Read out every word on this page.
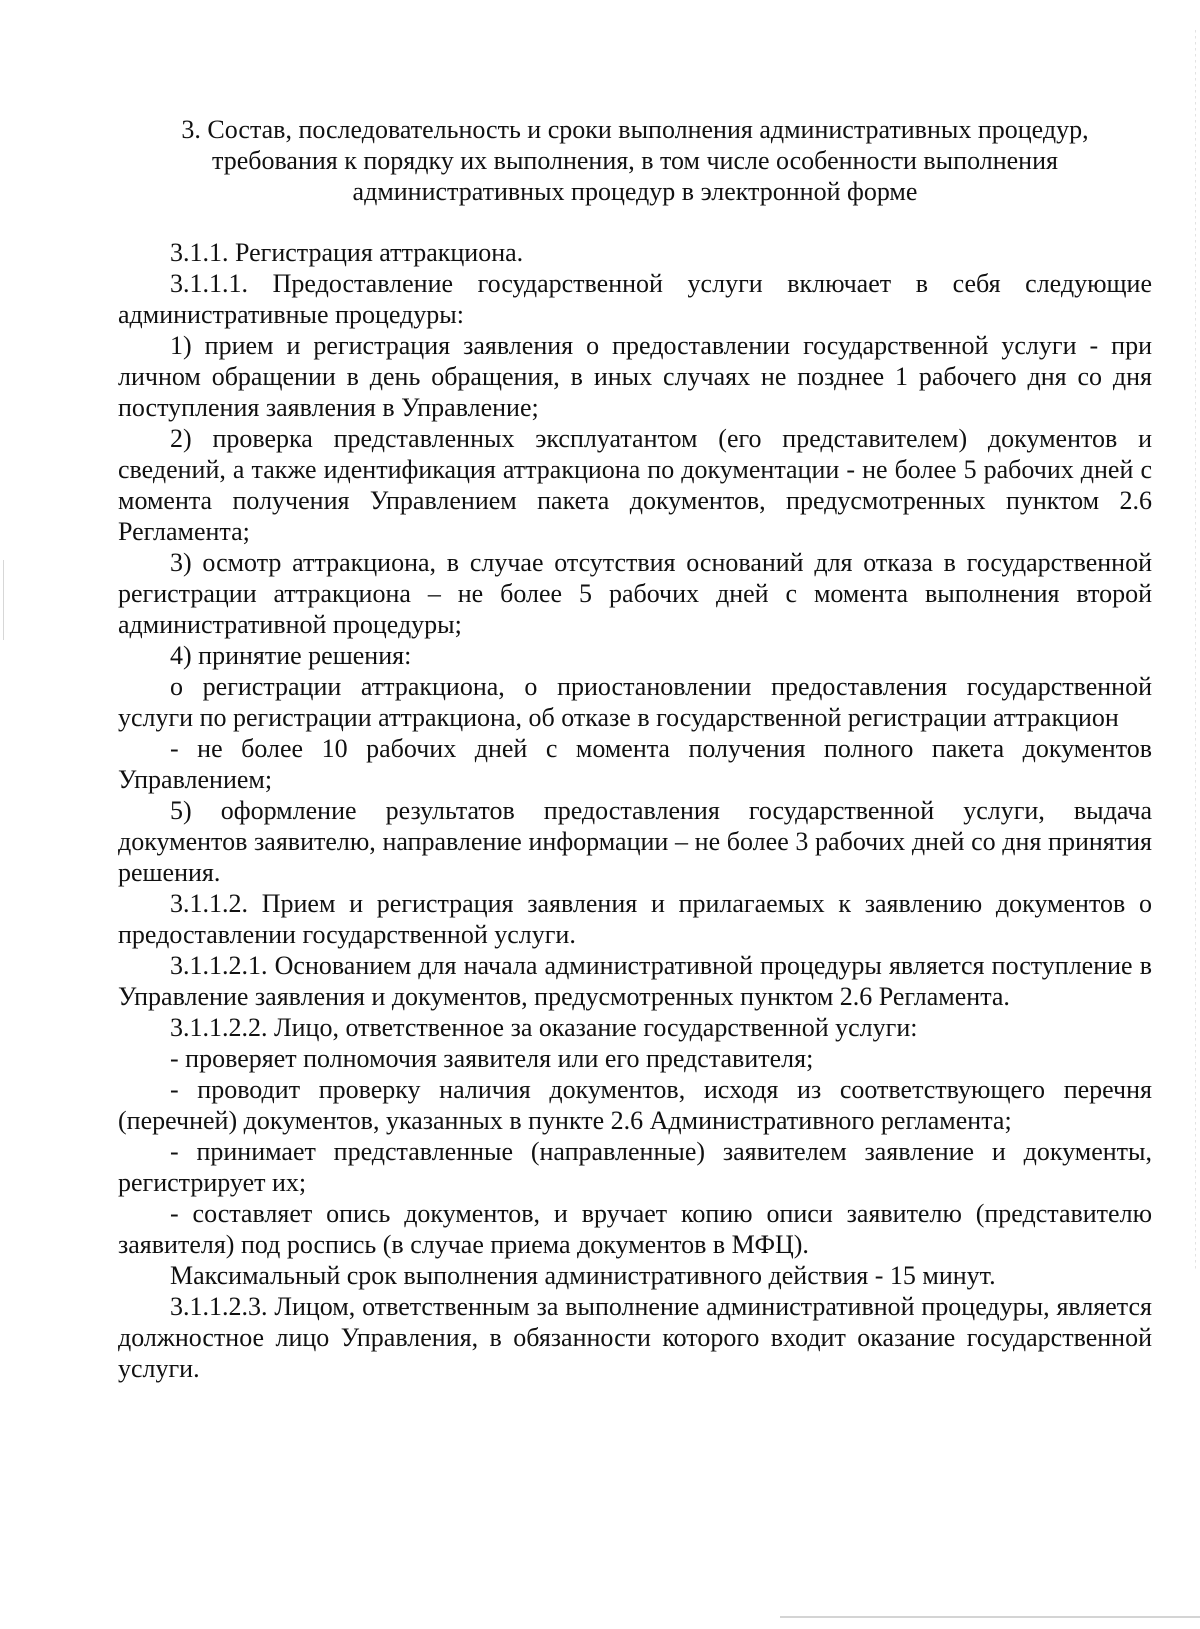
3. Состав, последовательность и сроки выполнения административных процедур,
требования к порядку их выполнения, в том числе особенности выполнения
административных процедур в электронной форме

3.1.1. Регистрация аттракциона.

3.1.1.1. Предоставление государственной услуги включает в себя следующие административные процедуры:

1) прием и регистрация заявления о предоставлении государственной услуги - при личном обращении в день обращения, в иных случаях не позднее 1 рабочего дня со дня поступления заявления в Управление;

2) проверка представленных эксплуатантом (его представителем) документов и сведений, а также идентификация аттракциона по документации - не более 5 рабочих дней с момента получения Управлением пакета документов, предусмотренных пунктом 2.6 Регламента;

3) осмотр аттракциона, в случае отсутствия оснований для отказа в государственной регистрации аттракциона – не более 5 рабочих дней с момента выполнения второй административной процедуры;

4) принятие решения:

о регистрации аттракциона, о приостановлении предоставления государственной услуги по регистрации аттракциона, об отказе в государственной регистрации аттракцион

- не более 10 рабочих дней с момента получения полного пакета документов Управлением;

5) оформление результатов предоставления государственной услуги, выдача документов заявителю, направление информации – не более 3 рабочих дней со дня принятия решения.

3.1.1.2. Прием и регистрация заявления и прилагаемых к заявлению документов о предоставлении государственной услуги.

3.1.1.2.1. Основанием для начала административной процедуры является поступление в Управление заявления и документов, предусмотренных пунктом 2.6 Регламента.

3.1.1.2.2. Лицо, ответственное за оказание государственной услуги:

- проверяет полномочия заявителя или его представителя;

- проводит проверку наличия документов, исходя из соответствующего перечня (перечней) документов, указанных в пункте 2.6 Административного регламента;

- принимает представленные (направленные) заявителем заявление и документы, регистрирует их;

- составляет опись документов, и вручает копию описи заявителю (представителю заявителя) под роспись (в случае приема документов в МФЦ).

Максимальный срок выполнения административного действия - 15 минут.

3.1.1.2.3. Лицом, ответственным за выполнение административной процедуры, является должностное лицо Управления, в обязанности которого входит оказание государственной услуги.
